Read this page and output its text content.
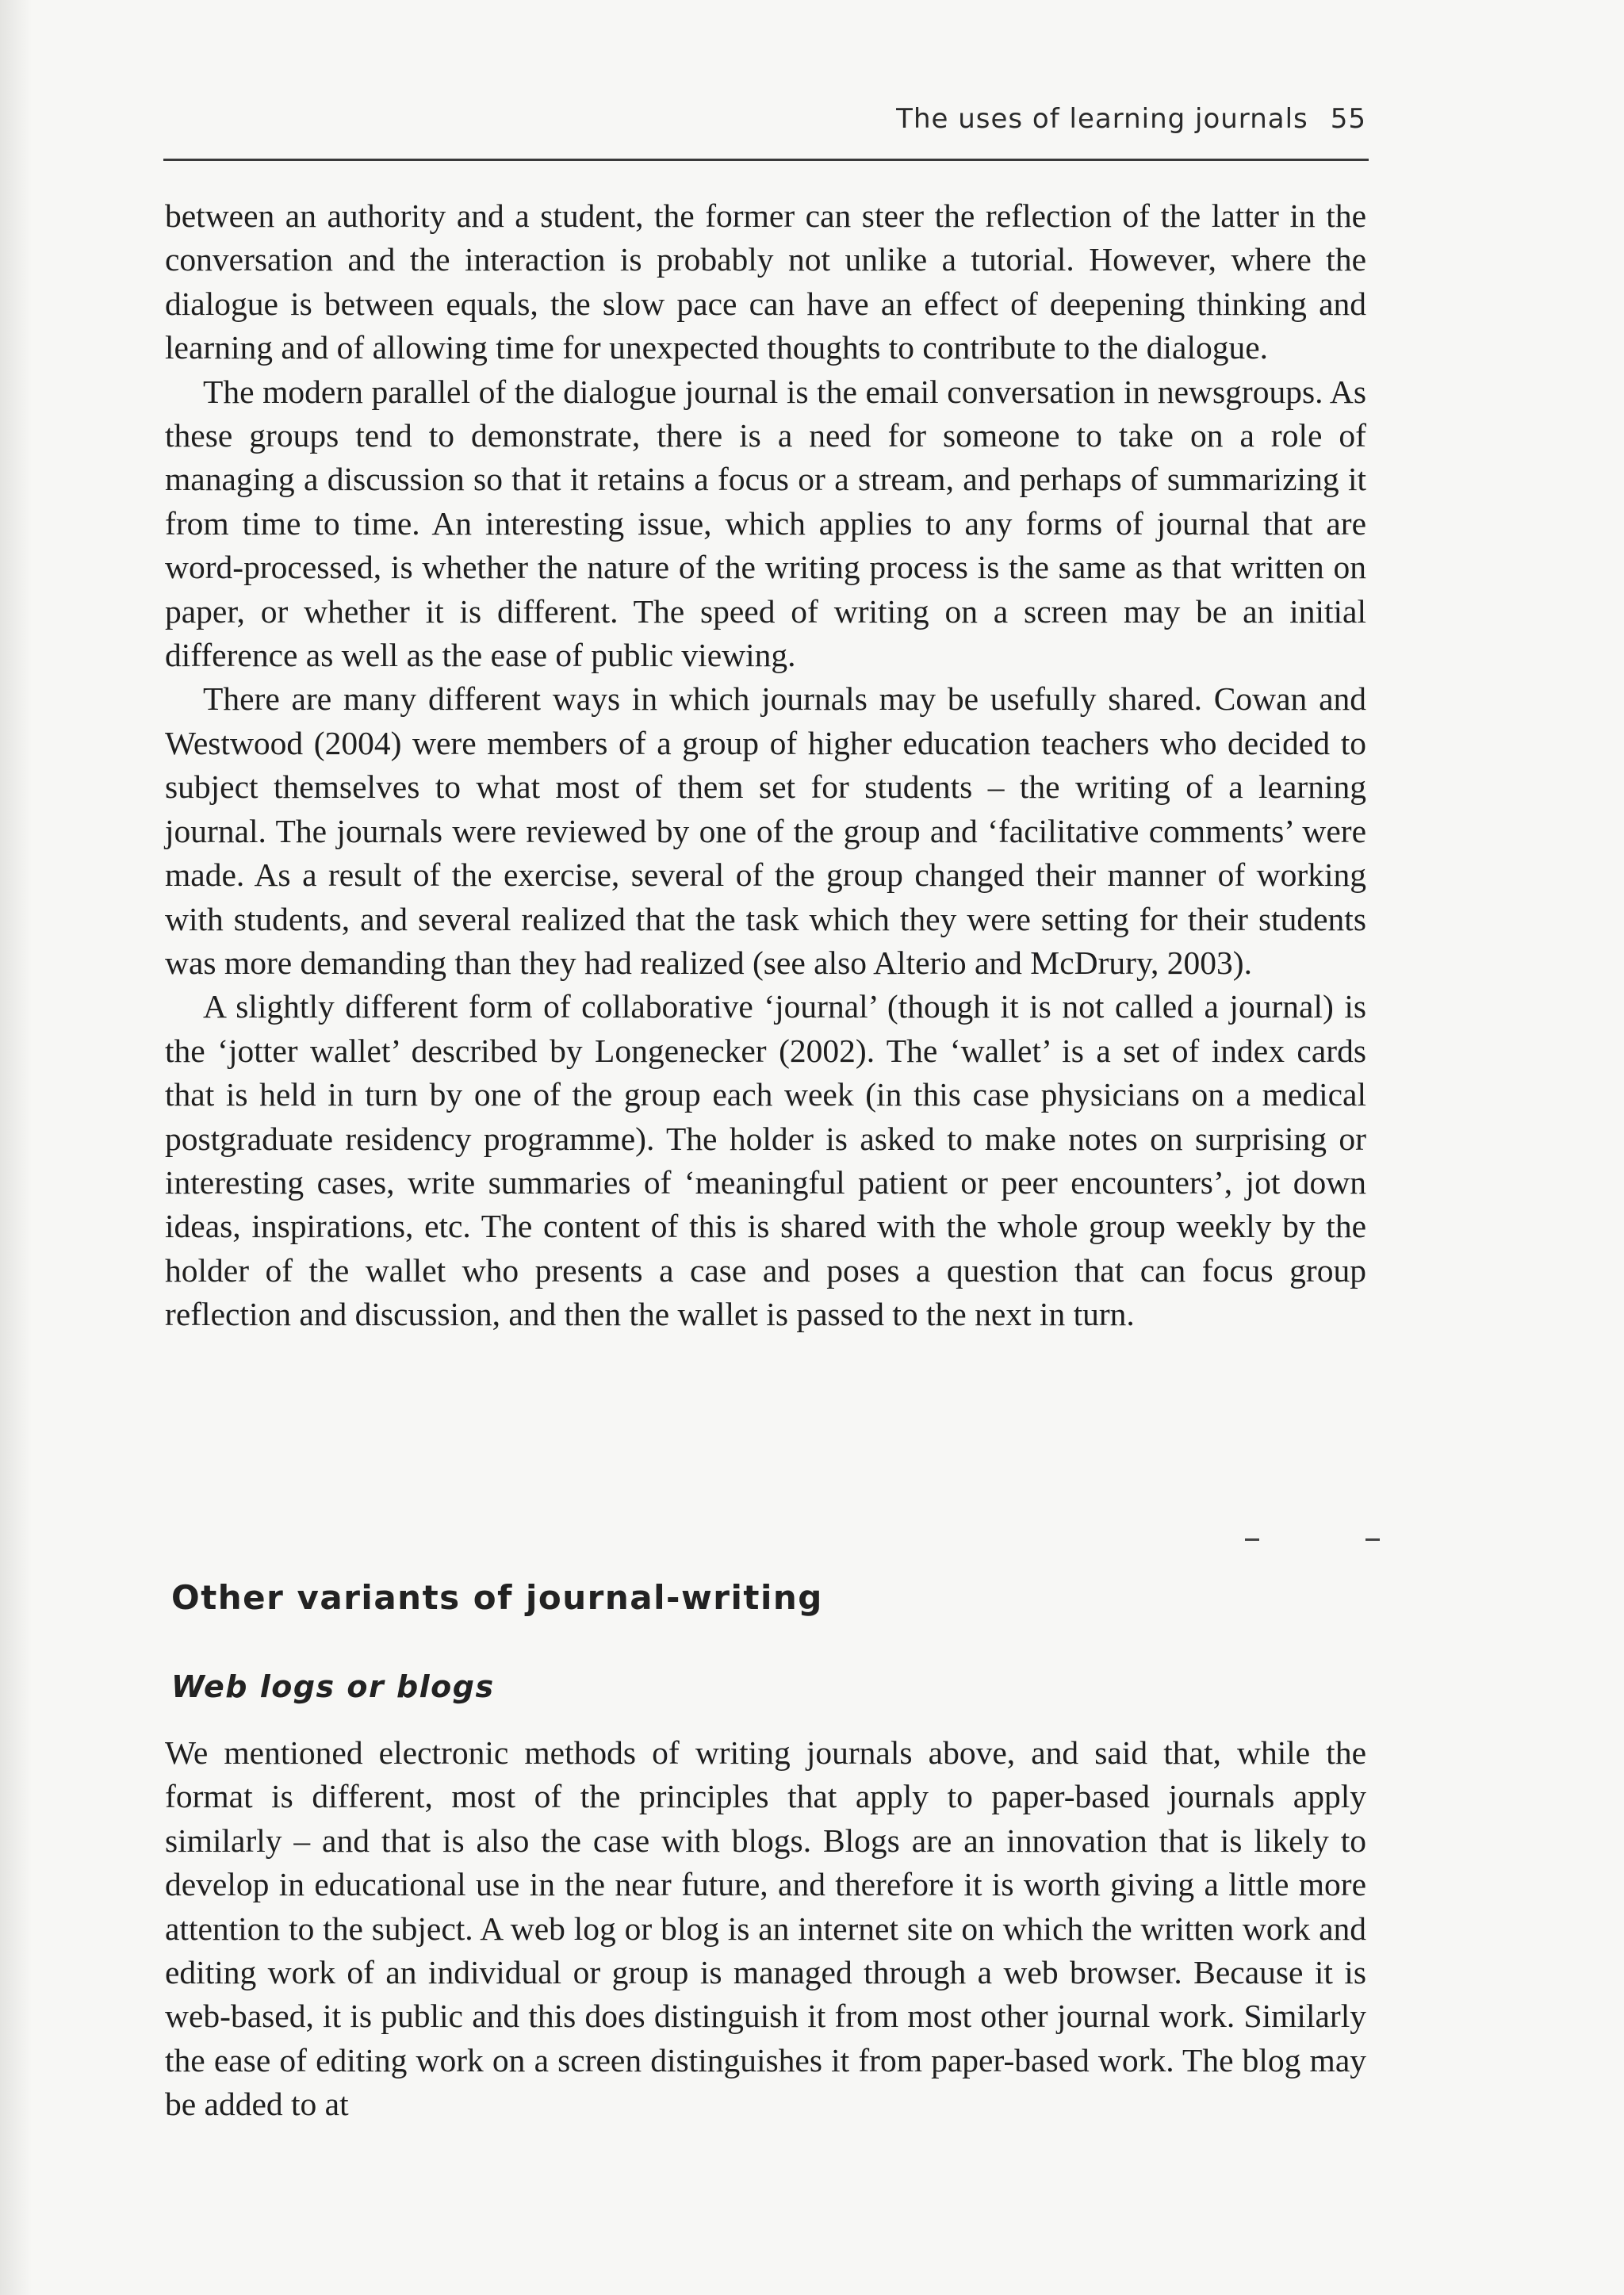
The uses of learning journals 55

between an authority and a student, the former can steer the reflection of the latter in the conversation and the interaction is probably not unlike a tutorial. However, where the dialogue is between equals, the slow pace can have an effect of deepening thinking and learning and of allowing time for unexpected thoughts to contribute to the dialogue.

The modern parallel of the dialogue journal is the email conversation in newsgroups. As these groups tend to demonstrate, there is a need for someone to take on a role of managing a discussion so that it retains a focus or a stream, and perhaps of summarizing it from time to time. An interesting issue, which applies to any forms of journal that are word-processed, is whether the nature of the writing process is the same as that written on paper, or whether it is different. The speed of writing on a screen may be an initial difference as well as the ease of public viewing.

There are many different ways in which journals may be usefully shared. Cowan and Westwood (2004) were members of a group of higher education teachers who decided to subject themselves to what most of them set for students – the writing of a learning journal. The journals were reviewed by one of the group and ‘facilitative comments’ were made. As a result of the exercise, several of the group changed their manner of working with students, and several realized that the task which they were setting for their students was more demanding than they had realized (see also Alterio and McDrury, 2003).

A slightly different form of collaborative ‘journal’ (though it is not called a journal) is the ‘jotter wallet’ described by Longenecker (2002). The ‘wallet’ is a set of index cards that is held in turn by one of the group each week (in this case physicians on a medical postgraduate residency programme). The holder is asked to make notes on surprising or interesting cases, write summaries of ‘meaningful patient or peer encounters’, jot down ideas, inspirations, etc. The content of this is shared with the whole group weekly by the holder of the wallet who presents a case and poses a question that can focus group reflection and discussion, and then the wallet is passed to the next in turn.

Other variants of journal-writing
Web logs or blogs

We mentioned electronic methods of writing journals above, and said that, while the format is different, most of the principles that apply to paper-based journals apply similarly – and that is also the case with blogs. Blogs are an innovation that is likely to develop in educational use in the near future, and therefore it is worth giving a little more attention to the subject. A web log or blog is an internet site on which the written work and editing work of an individual or group is managed through a web browser. Because it is web-based, it is public and this does distinguish it from most other journal work. Similarly the ease of editing work on a screen distinguishes it from paper-based work. The blog may be added to at
